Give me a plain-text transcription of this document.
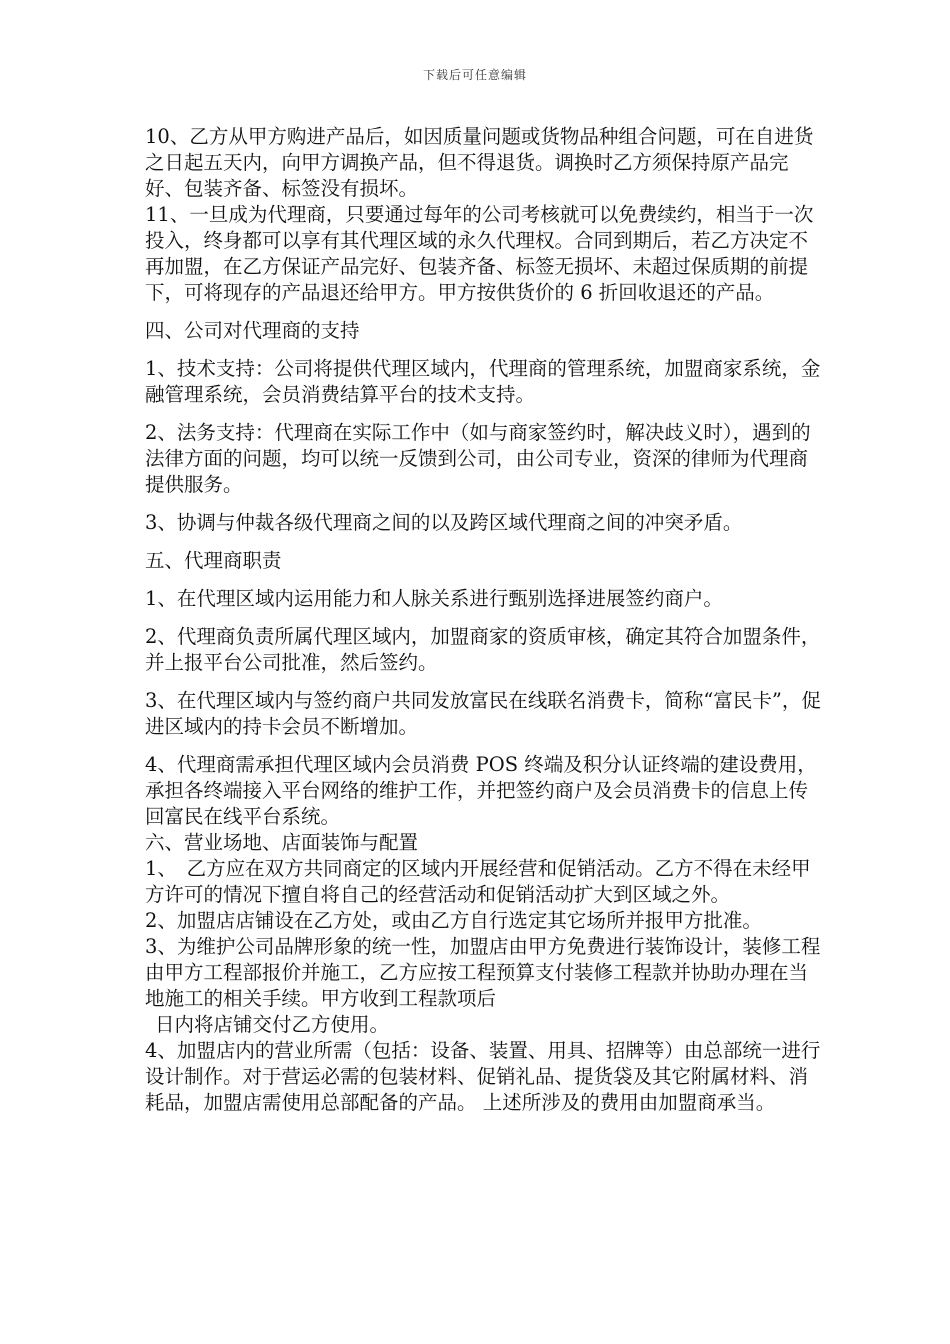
下载后可任意编辑

10、乙方从甲方购进产品后，如因质量问题或货物品种组合问题，可在自进货之日起五天内，向甲方调换产品，但不得退货。调换时乙方须保持原产品完好、包装齐备、标签没有损坏。

11、一旦成为代理商，只要通过每年的公司考核就可以免费续约，相当于一次投入，终身都可以享有其代理区域的永久代理权。合同到期后，若乙方决定不再加盟，在乙方保证产品完好、包装齐备、标签无损坏、未超过保质期的前提下，可将现存的产品退还给甲方。甲方按供货价的 6 折回收退还的产品。

四、公司对代理商的支持

1、技术支持：公司将提供代理区域内，代理商的管理系统，加盟商家系统，金融管理系统，会员消费结算平台的技术支持。

2、法务支持：代理商在实际工作中（如与商家签约时，解决歧义时），遇到的法律方面的问题，均可以统一反馈到公司，由公司专业，资深的律师为代理商提供服务。

3、协调与仲裁各级代理商之间的以及跨区域代理商之间的冲突矛盾。

五、代理商职责

1、在代理区域内运用能力和人脉关系进行甄别选择进展签约商户。

2、代理商负责所属代理区域内，加盟商家的资质审核，确定其符合加盟条件，并上报平台公司批准，然后签约。

3、在代理区域内与签约商户共同发放富民在线联名消费卡，简称“富民卡”，促进区域内的持卡会员不断增加。

4、代理商需承担代理区域内会员消费 POS 终端及积分认证终端的建设费用，承担各终端接入平台网络的维护工作，并把签约商户及会员消费卡的信息上传回富民在线平台系统。

六、营业场地、店面装饰与配置

1、　乙方应在双方共同商定的区域内开展经营和促销活动。乙方不得在未经甲方许可的情况下擅自将自己的经营活动和促销活动扩大到区域之外。

2、加盟店店铺设在乙方处，或由乙方自行选定其它场所并报甲方批准。

3、为维护公司品牌形象的统一性，加盟店由甲方免费进行装饰设计，装修工程由甲方工程部报价并施工，乙方应按工程预算支付装修工程款并协助办理在当地施工的相关手续。甲方收到工程款项后

日内将店铺交付乙方使用。

4、加盟店内的营业所需（包括：设备、装置、用具、招牌等）由总部统一进行设计制作。对于营运必需的包装材料、促销礼品、提货袋及其它附属材料、消耗品，加盟店需使用总部配备的产品。 上述所涉及的费用由加盟商承当。
